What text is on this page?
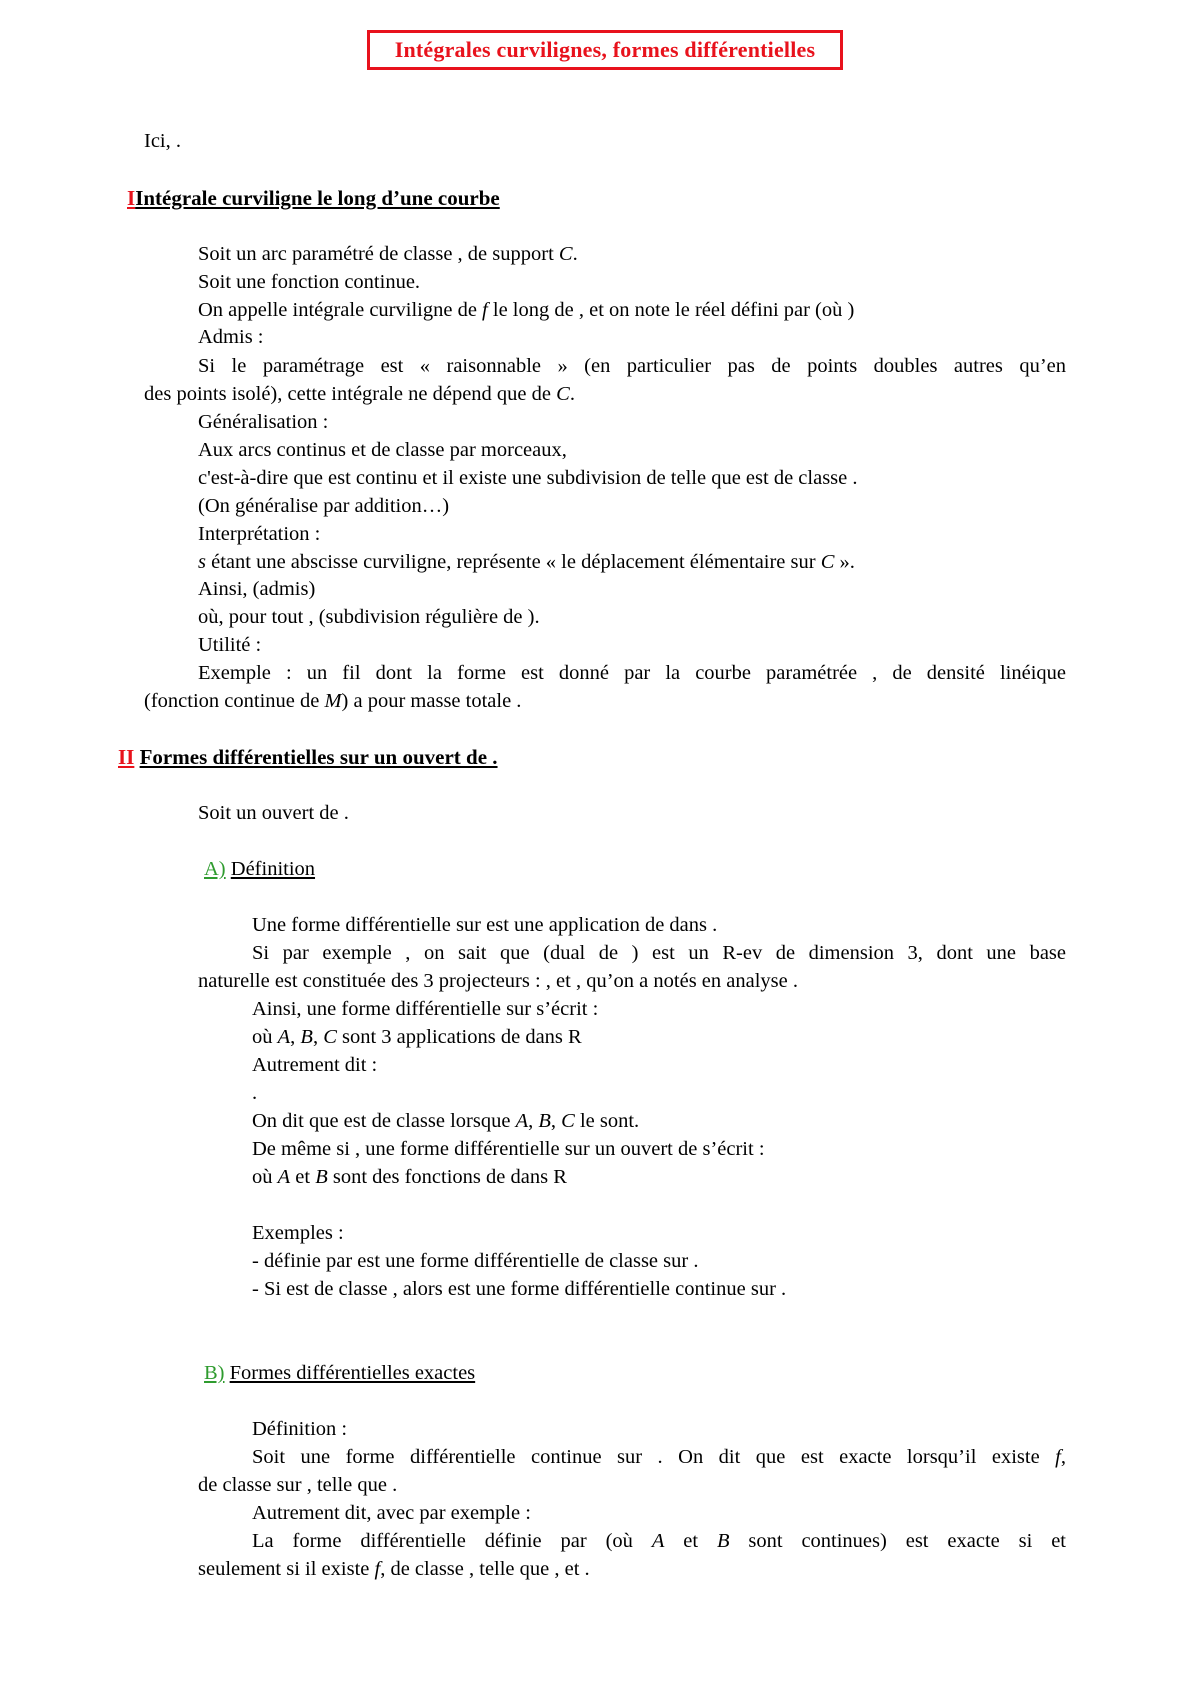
Intégrales curvilignes, formes différentielles
Ici, .
IIntégrale curviligne le long d’une courbe
Soit un arc paramétré de classe , de support C.
Soit une fonction continue.
On appelle intégrale curviligne de f le long de , et on note le réel défini par (où )
Admis :
Si le paramétrage est « raisonnable » (en particulier pas de points doubles autres qu’en
des points isolé), cette intégrale ne dépend que de C.
Généralisation :
Aux arcs continus et de classe par morceaux,
c'est-à-dire que est continu et il existe une subdivision de telle que est de classe .
(On généralise par addition…)
Interprétation :
s étant une abscisse curviligne, représente « le déplacement élémentaire sur C ».
Ainsi, (admis)
où, pour tout , (subdivision régulière de ).
Utilité :
Exemple : un fil dont la forme est donné par la courbe paramétrée , de densité linéique
(fonction continue de M) a pour masse totale .
II Formes différentielles sur un ouvert de .
Soit un ouvert de .
A) Définition
Une forme différentielle sur est une application de dans .
Si par exemple , on sait que (dual de ) est un R-ev de dimension 3, dont une base
naturelle est constituée des 3 projecteurs : , et , qu’on a notés en analyse .
Ainsi, une forme différentielle sur s’écrit :
où A, B, C sont 3 applications de dans R
Autrement dit :
.
On dit que est de classe lorsque A, B, C le sont.
De même si , une forme différentielle sur un ouvert de s’écrit :
où A et B sont des fonctions de dans R
Exemples :
- définie par est une forme différentielle de classe sur .
- Si est de classe , alors est une forme différentielle continue sur .
B) Formes différentielles exactes
Définition :
Soit une forme différentielle continue sur . On dit que est exacte lorsqu’il existe f,
de classe sur , telle que .
Autrement dit, avec par exemple :
La forme différentielle définie par (où A et B sont continues) est exacte si et
seulement si il existe f, de classe , telle que , et .
